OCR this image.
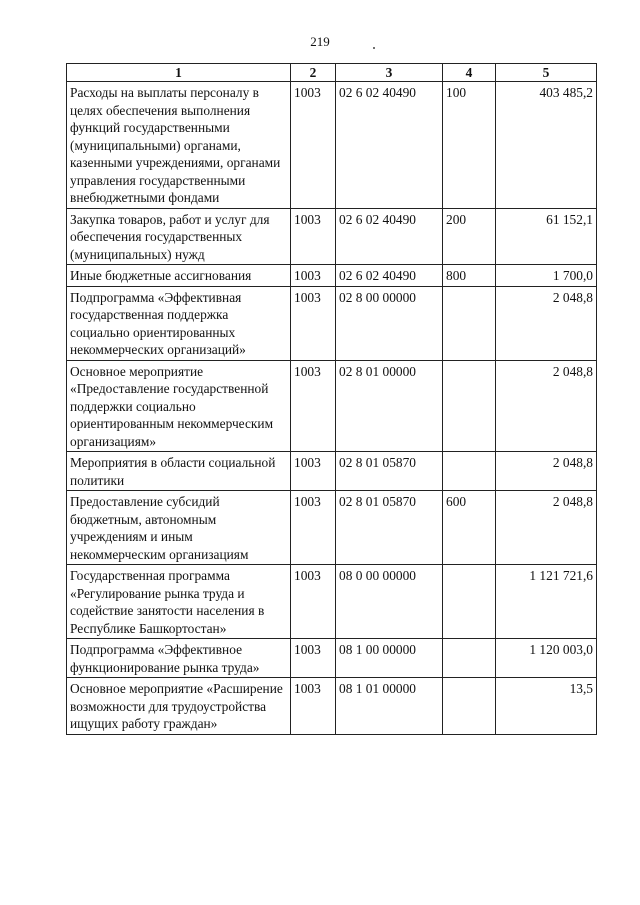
219
1	2	3	4	5
Расходы на выплаты персоналу в целях обеспечения выполнения функций государственными (муниципальными) органами, казенными учреждениями, органами управления государственными внебюджетными фондами	1003	02 6 02 40490	100	403 485,2
Закупка товаров, работ и услуг для обеспечения государственных (муниципальных) нужд	1003	02 6 02 40490	200	61 152,1
Иные бюджетные ассигнования	1003	02 6 02 40490	800	1 700,0
Подпрограмма «Эффективная государственная поддержка социально ориентированных некоммерческих организаций»	1003	02 8 00 00000		2 048,8
Основное мероприятие «Предоставление государственной поддержки социально ориентированным некоммерческим организациям»	1003	02 8 01 00000		2 048,8
Мероприятия в области социальной политики	1003	02 8 01 05870		2 048,8
Предоставление субсидий бюджетным, автономным учреждениям и иным некоммерческим организациям	1003	02 8 01 05870	600	2 048,8
Государственная программа «Регулирование рынка труда и содействие занятости населения в Республике Башкортостан»	1003	08 0 00 00000		1 121 721,6
Подпрограмма «Эффективное функционирование рынка труда»	1003	08 1 00 00000		1 120 003,0
Основное мероприятие «Расширение возможности для трудоустройства ищущих работу граждан»	1003	08 1 01 00000		13,5
